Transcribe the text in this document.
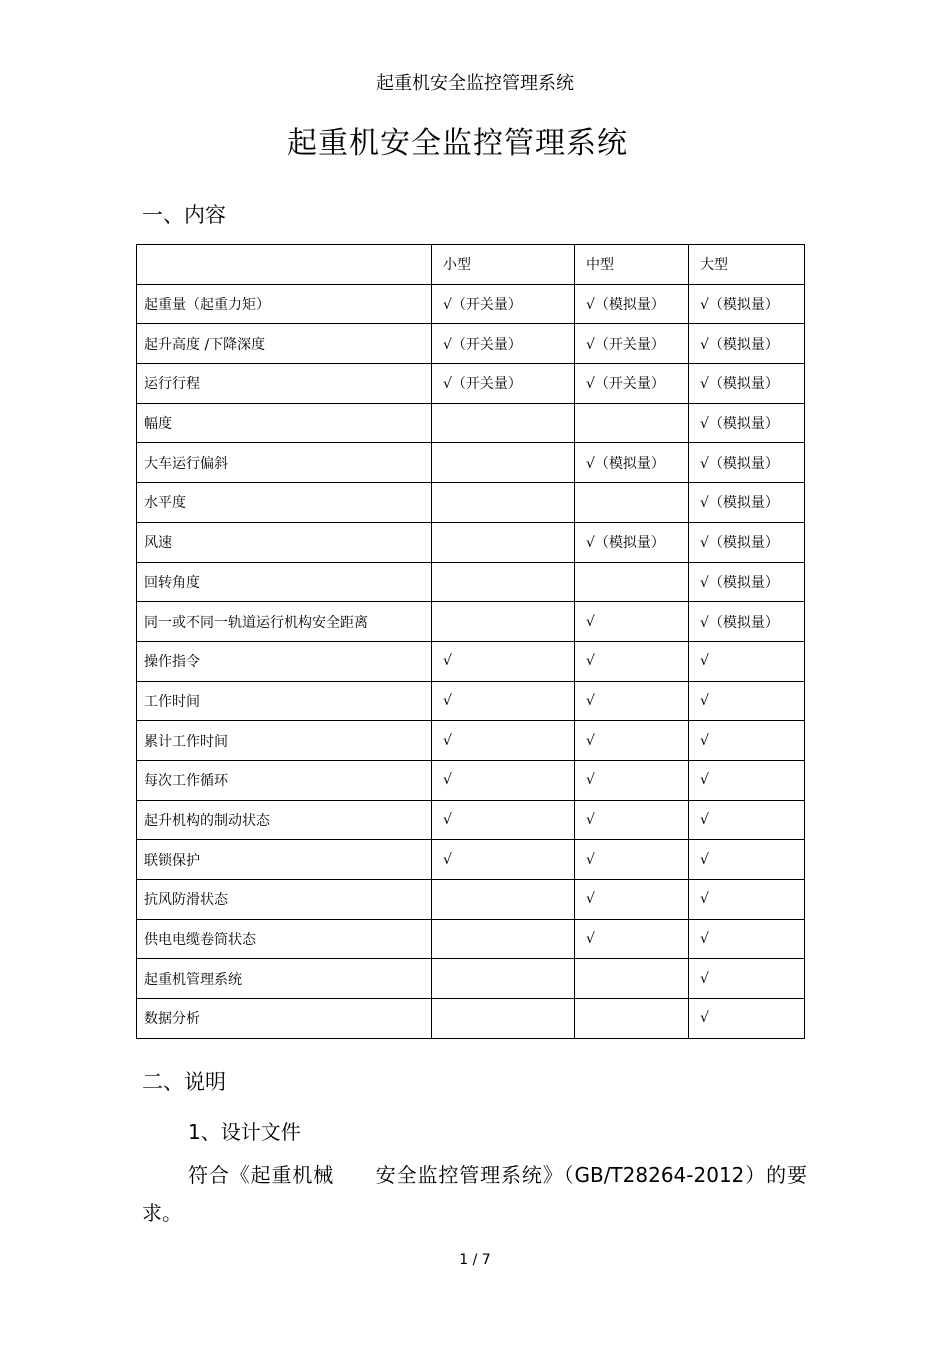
起重机安全监控管理系统
起重机安全监控管理系统
一、内容
	小型	中型	大型
起重量（起重力矩）	√（开关量）	√（模拟量）	√（模拟量）
起升高度 /下降深度	√（开关量）	√（开关量）	√（模拟量）
运行行程	√（开关量）	√（开关量）	√（模拟量）
幅度			√（模拟量）
大车运行偏斜		√（模拟量）	√（模拟量）
水平度			√（模拟量）
风速		√（模拟量）	√（模拟量）
回转角度			√（模拟量）
同一或不同一轨道运行机构安全距离		√	√（模拟量）
操作指令	√	√	√
工作时间	√	√	√
累计工作时间	√	√	√
每次工作循环	√	√	√
起升机构的制动状态	√	√	√
联锁保护	√	√	√
抗风防滑状态		√	√
供电电缆卷筒状态		√	√
起重机管理系统			√
数据分析			√
二、说明
1、设计文件
符合《起重机械　　安全监控管理系统》（GB/T28264-2012）的要求。
1 / 7
